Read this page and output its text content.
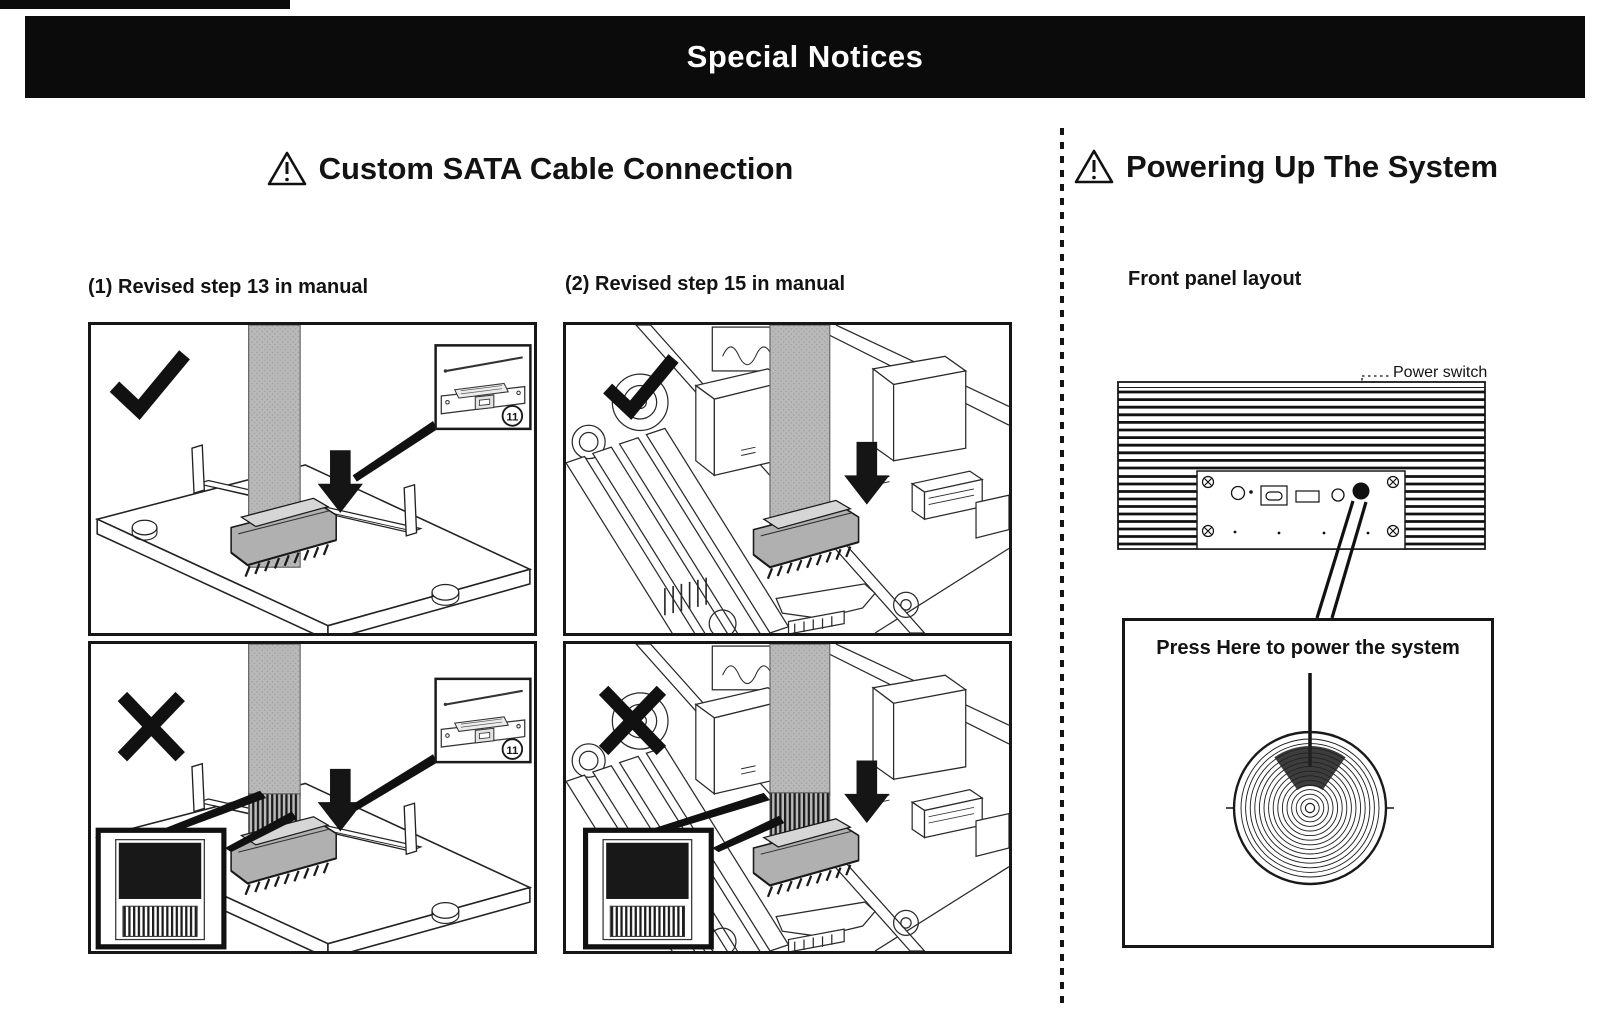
Special Notices
Custom SATA Cable Connection	Powering Up The System
(1) Revised step 13 in manual	(2) Revised step 15 in manual
11
11
Front panel layout
Power switch
Press Here to power the system
